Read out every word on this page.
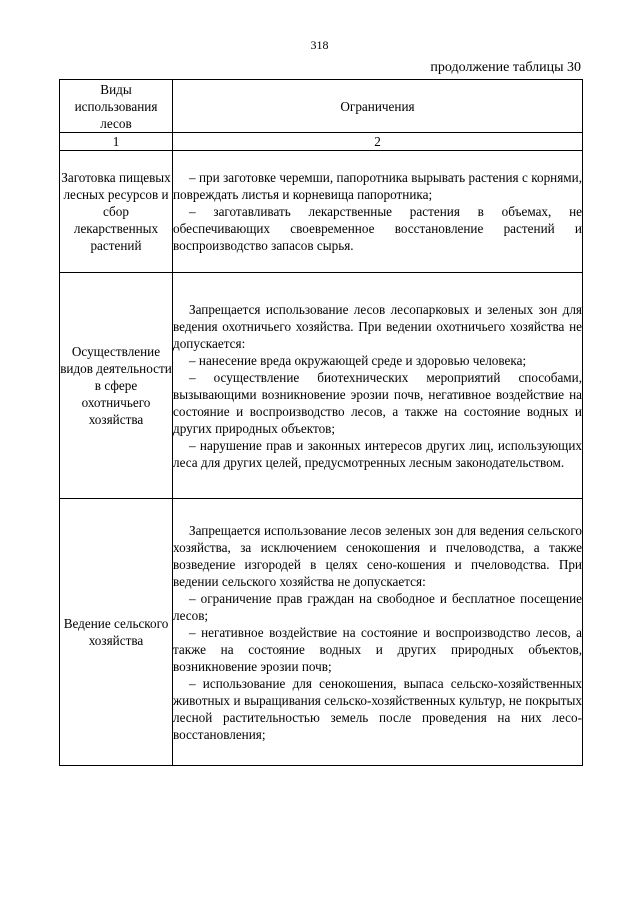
318
продолжение таблицы 30
Виды использования лесов	Ограничения
1	2
Заготовка пищевых лесных ресурсов и сбор лекарственных растений	– при заготовке черемши, папоротника вырывать растения с корнями, повреждать листья и корневища папоротника;

– заготавливать лекарственные растения в объемах, не обеспечивающих своевременное восстановление растений и воспроизводство запасов сырья.

Осуществление видов деятельности в сфере охотничьего хозяйства	Запрещается использование лесов лесопарковых и зеленых зон для ведения охотничьего хозяйства. При ведении охотничьего хозяйства не допускается:

– нанесение вреда окружающей среде и здоровью человека;

– осуществление биотехнических мероприятий способами, вызывающими возникновение эрозии почв, негативное воздействие на состояние и воспроизводство лесов, а также на состояние водных и других природных объектов;

– нарушение прав и законных интересов других лиц, использующих леса для других целей, предусмотренных лесным законодательством.

Ведение сельского хозяйства	Запрещается использование лесов зеленых зон для ведения сельского хозяйства, за исключением сенокошения и пчеловодства, а также возведение изгородей в целях сено-кошения и пчеловодства. При ведении сельского хозяйства не допускается:

– ограничение прав граждан на свободное и бесплатное посещение лесов;

– негативное воздействие на состояние и воспроизводство лесов, а также на состояние водных и других природных объектов, возникновение эрозии почв;

– использование для сенокошения, выпаса сельско-хозяйственных животных и выращивания сельско-хозяйственных культур, не покрытых лесной растительностью земель после проведения на них лесо-восстановления;
